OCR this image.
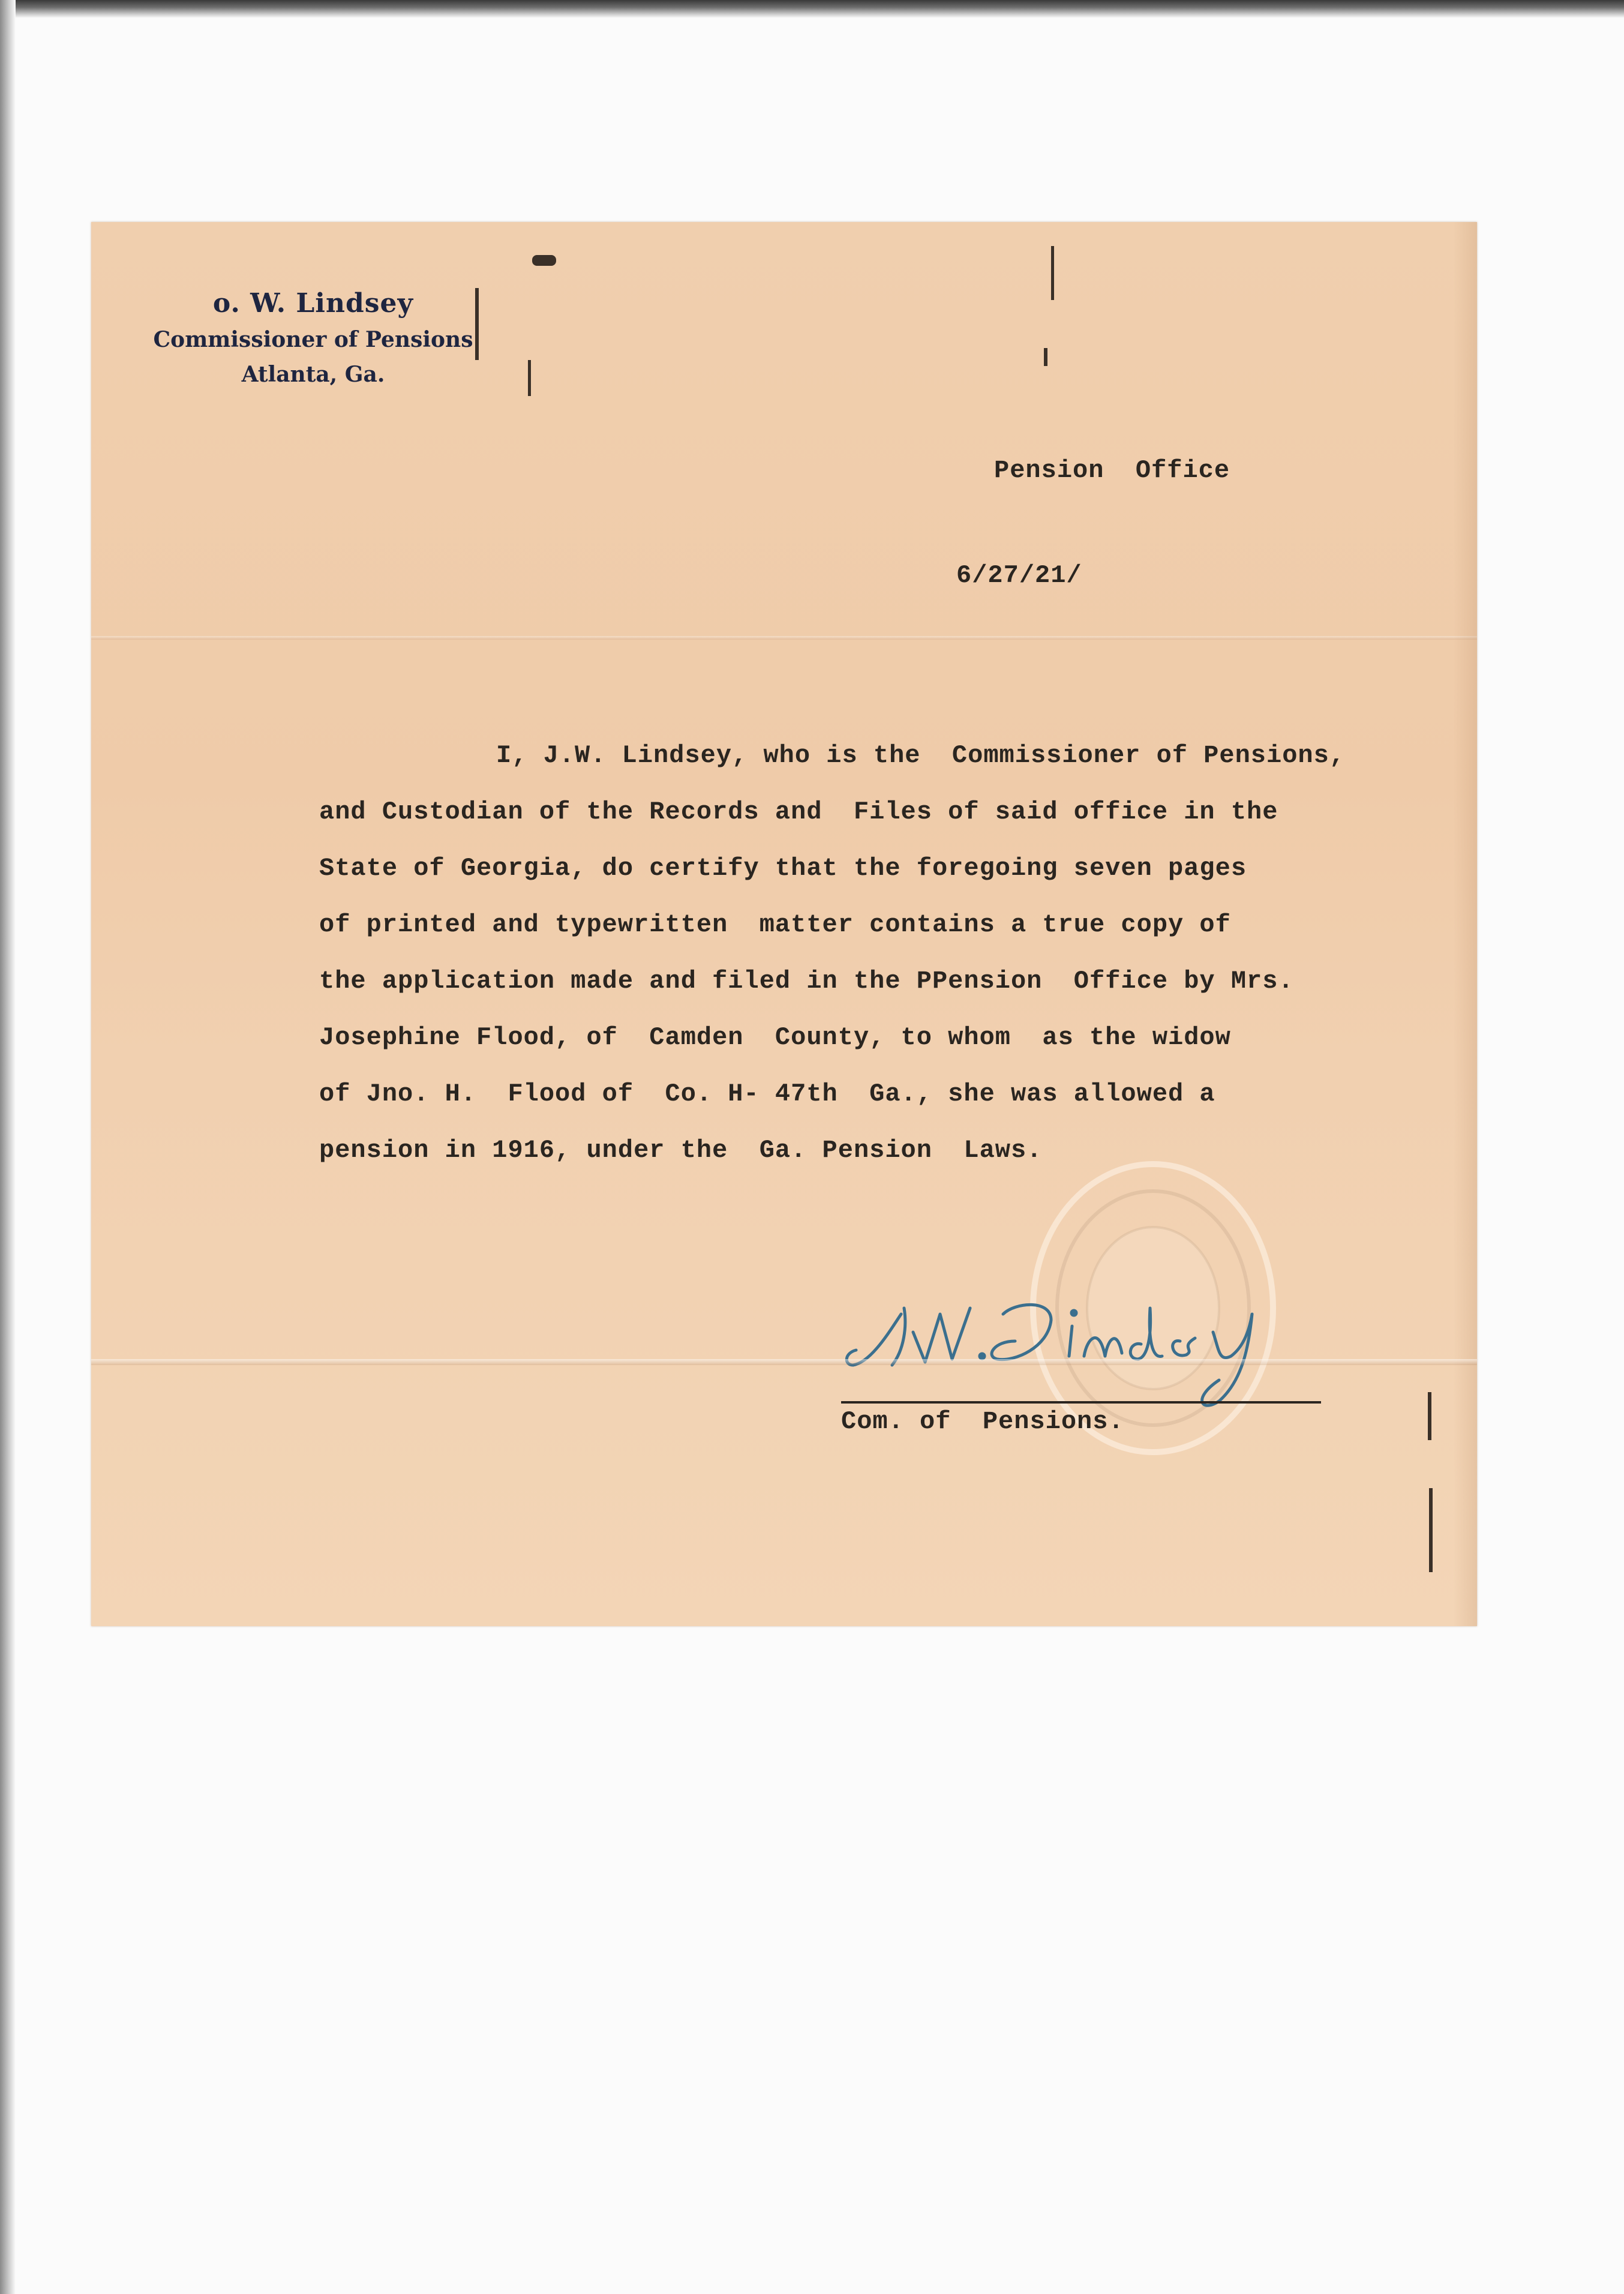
o. W. Lindsey
Commissioner of Pensions
Atlanta, Ga.
Pension  Office
6/27/21/
I, J.W. Lindsey, who is the  Commissioner of Pensions,
and Custodian of the Records and  Files of said office in the
State of Georgia, do certify that the foregoing seven pages
of printed and typewritten  matter contains a true copy of
the application made and filed in the PPension  Office by Mrs.
Josephine Flood, of  Camden  County, to whom  as the widow
of Jno. H.  Flood of  Co. H- 47th  Ga., she was allowed a
pension in 1916, under the  Ga. Pension  Laws.
Com. of  Pensions.
